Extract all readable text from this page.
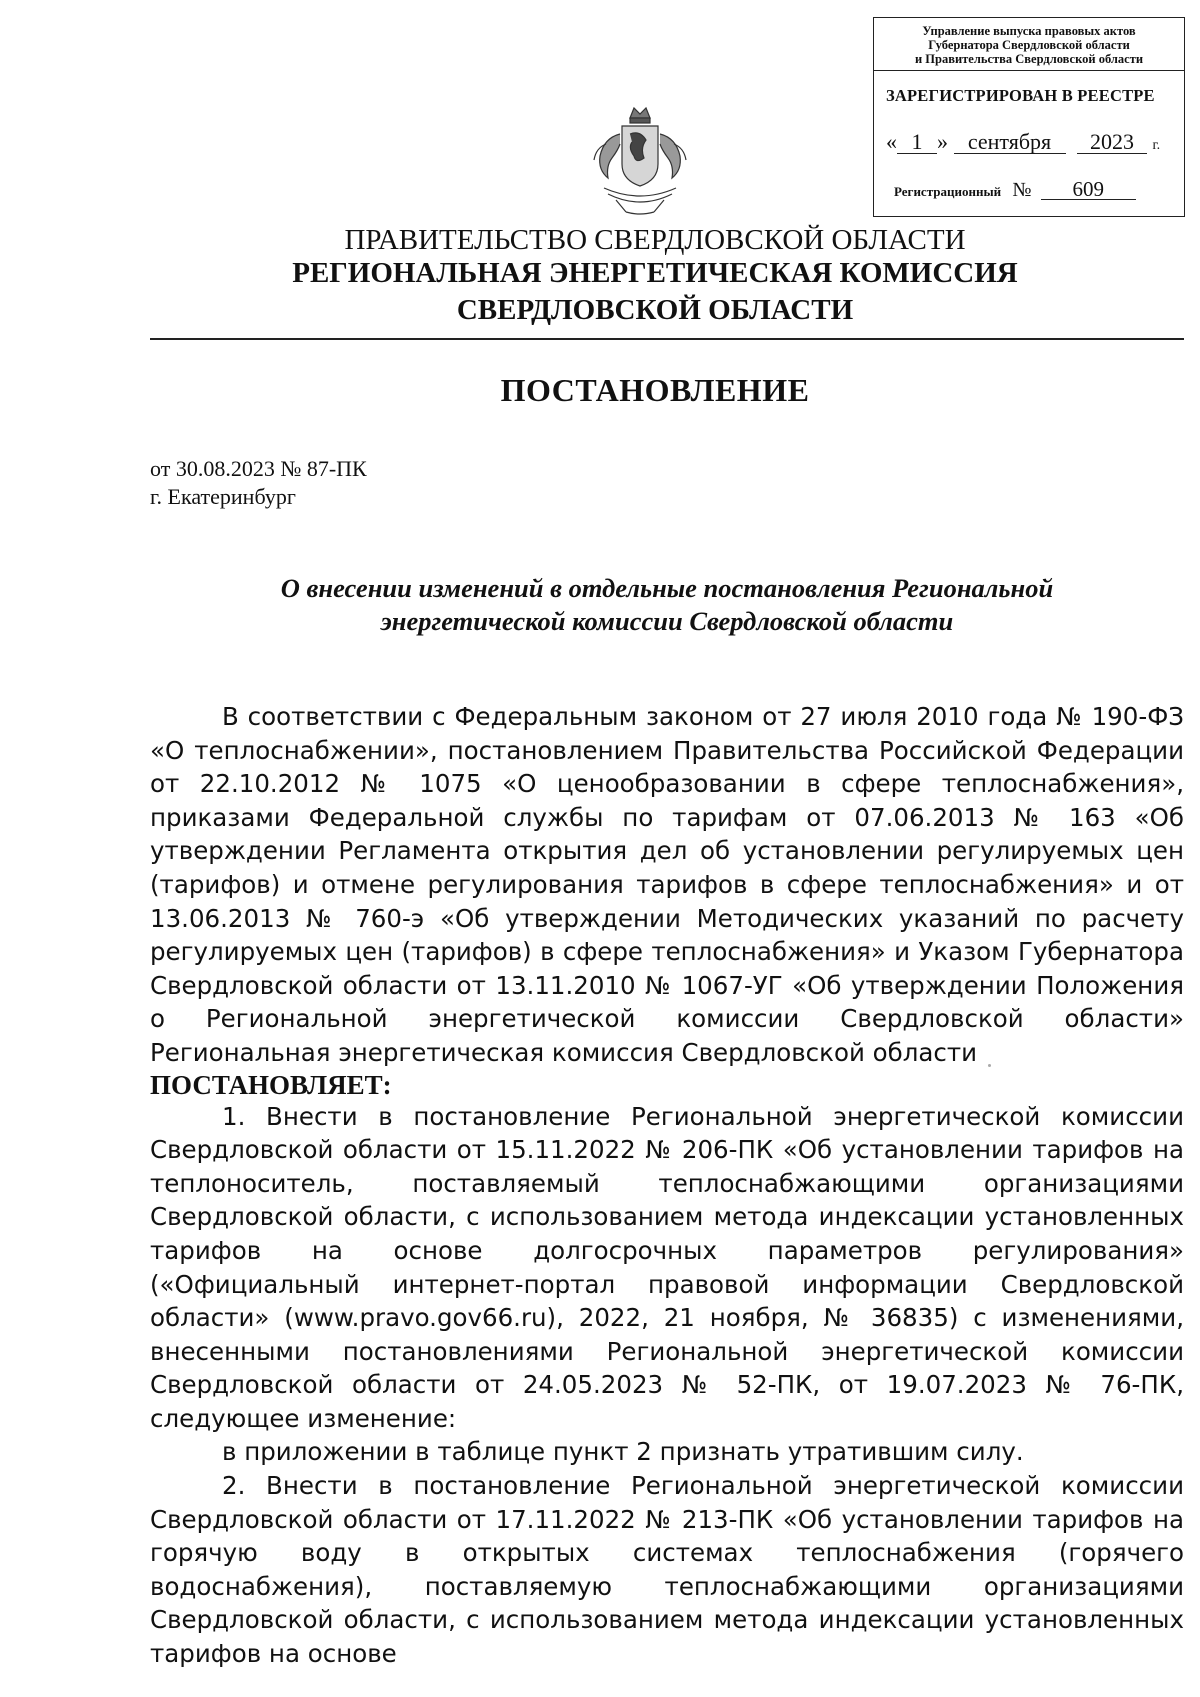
Управление выпуска правовых актов
Губернатора Свердловской области
и Правительства Свердловской области
ЗАРЕГИСТРИРОВАН В РЕЕСТРЕ
« 1 » сентября 2023 г.
Регистрационный № 609
ПРАВИТЕЛЬСТВО СВЕРДЛОВСКОЙ ОБЛАСТИ
РЕГИОНАЛЬНАЯ ЭНЕРГЕТИЧЕСКАЯ КОМИССИЯ
СВЕРДЛОВСКОЙ ОБЛАСТИ
ПОСТАНОВЛЕНИЕ
от 30.08.2023 № 87-ПК
г. Екатеринбург
О внесении изменений в отдельные постановления Региональной
энергетической комиссии Свердловской области

В соответствии с Федеральным законом от 27 июля 2010 года № 190-ФЗ «О теплоснабжении», постановлением Правительства Российской Федерации от 22.10.2012 № 1075 «О ценообразовании в сфере теплоснабжения», приказами Федеральной службы по тарифам от 07.06.2013 № 163 «Об утверждении Регламента открытия дел об установлении регулируемых цен (тарифов) и отмене регулирования тарифов в сфере теплоснабжения» и от 13.06.2013 № 760-э «Об утверждении Методических указаний по расчету регулируемых цен (тарифов) в сфере теплоснабжения» и Указом Губернатора Свердловской области от 13.11.2010 № 1067-УГ «Об утверждении Положения о Региональной энергетической комиссии Свердловской области» Региональная энергетическая комиссия Свердловской области

ПОСТАНОВЛЯЕТ:

1. Внести в постановление Региональной энергетической комиссии Свердловской области от 15.11.2022 № 206-ПК «Об установлении тарифов на теплоноситель, поставляемый теплоснабжающими организациями Свердловской области, с использованием метода индексации установленных тарифов на основе долгосрочных параметров регулирования» («Официальный интернет-портал правовой информации Свердловской области» (www.pravo.gov66.ru), 2022, 21 ноября, № 36835) с изменениями, внесенными постановлениями Региональной энергетической комиссии Свердловской области от 24.05.2023 № 52-ПК, от 19.07.2023 № 76-ПК, следующее изменение:

в приложении в таблице пункт 2 признать утратившим силу.

2. Внести в постановление Региональной энергетической комиссии Свердловской области от 17.11.2022 № 213-ПК «Об установлении тарифов на горячую воду в открытых системах теплоснабжения (горячего водоснабжения), поставляемую теплоснабжающими организациями Свердловской области, с использованием метода индексации установленных тарифов на основе
